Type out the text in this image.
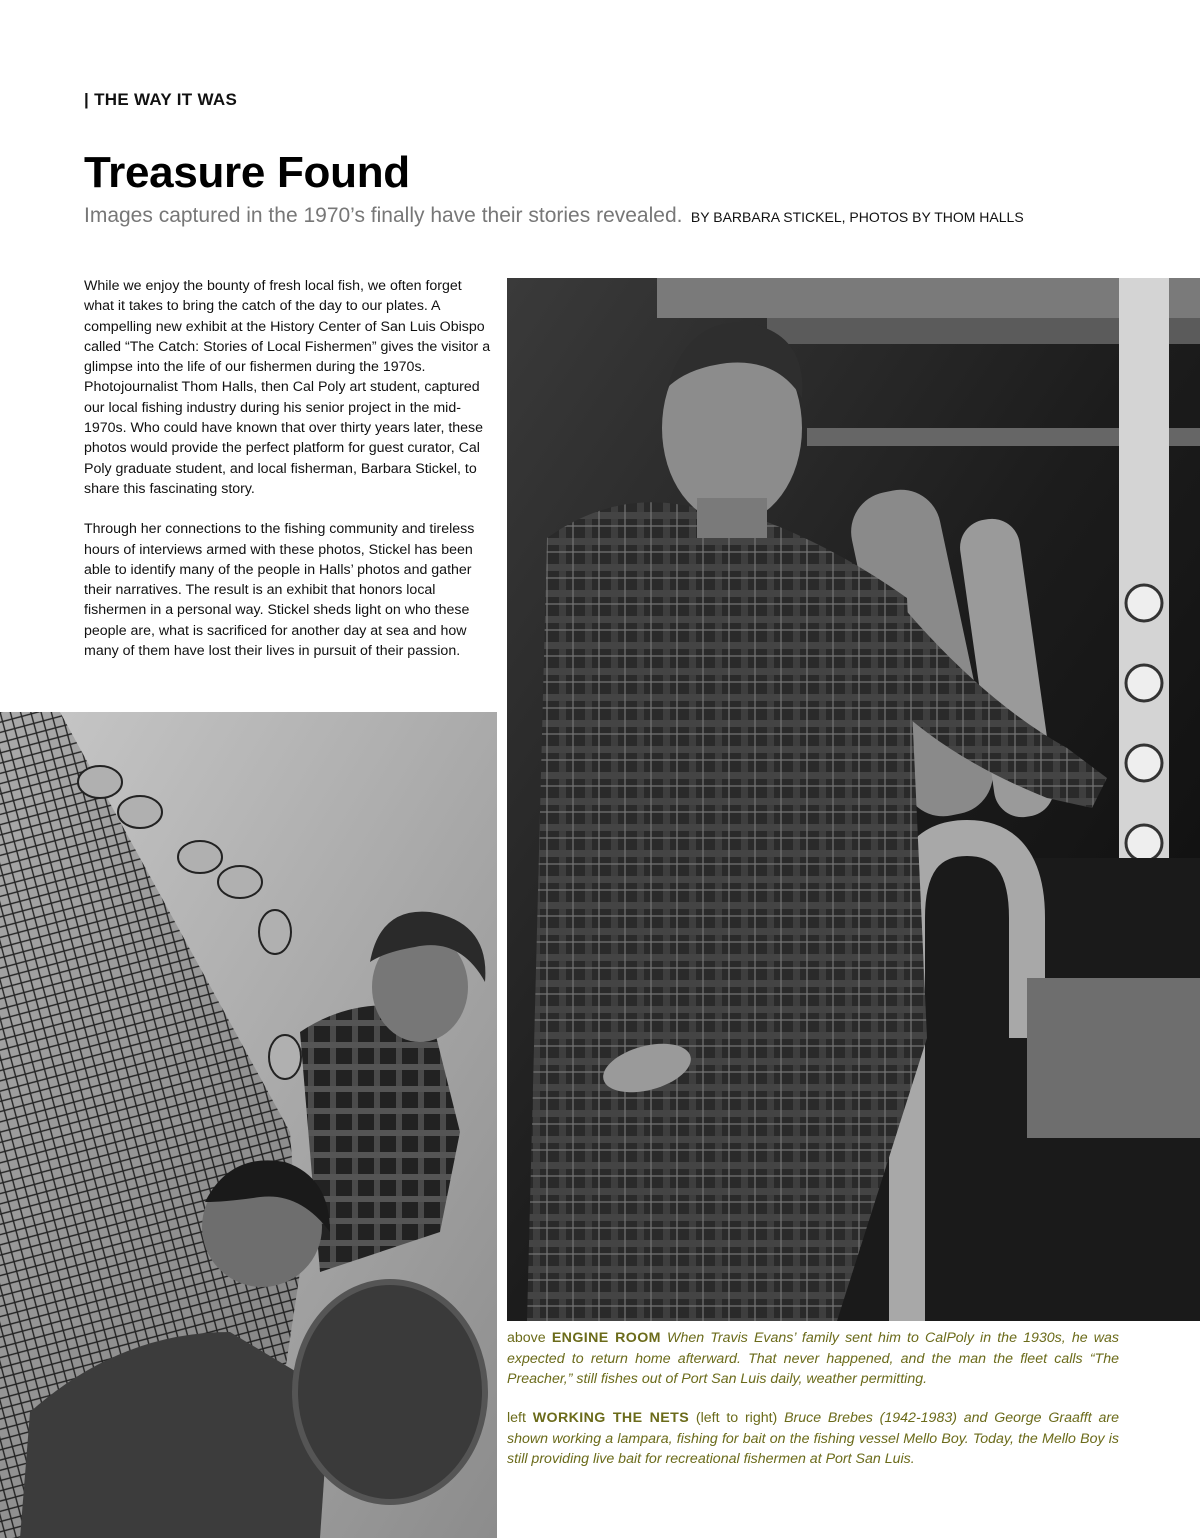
| THE WAY IT WAS
Treasure Found
Images captured in the 1970’s finally have their stories revealed. BY BARBARA STICKEL, PHOTOS BY THOM HALLS

While we enjoy the bounty of fresh local fish, we often forget what it takes to bring the catch of the day to our plates. A compelling new exhibit at the History Center of San Luis Obispo called “The Catch: Stories of Local Fishermen” gives the visitor a glimpse into the life of our fishermen during the 1970s. Photojournalist Thom Halls, then Cal Poly art student, captured our local fishing industry during his senior project in the mid-1970s. Who could have known that over thirty years later, these photos would provide the perfect platform for guest curator, Cal Poly graduate student, and local fisherman, Barbara Stickel, to share this fascinating story.

Through her connections to the fishing community and tireless hours of interviews armed with these photos, Stickel has been able to identify many of the people in Halls’ photos and gather their narratives. The result is an exhibit that honors local fishermen in a personal way. Stickel sheds light on who these people are, what is sacrificed for another day at sea and how many of them have lost their lives in pursuit of their passion.

above ENGINE ROOM When Travis Evans’ family sent him to CalPoly in the 1930s, he was expected to return home afterward. That never happened, and the man the fleet calls “The Preacher,” still fishes out of Port San Luis daily, weather permitting.
left WORKING THE NETS (left to right) Bruce Brebes (1942-1983) and George Graafft are shown working a lampara, fishing for bait on the fishing vessel Mello Boy. Today, the Mello Boy is still providing live bait for recreational fishermen at Port San Luis.
